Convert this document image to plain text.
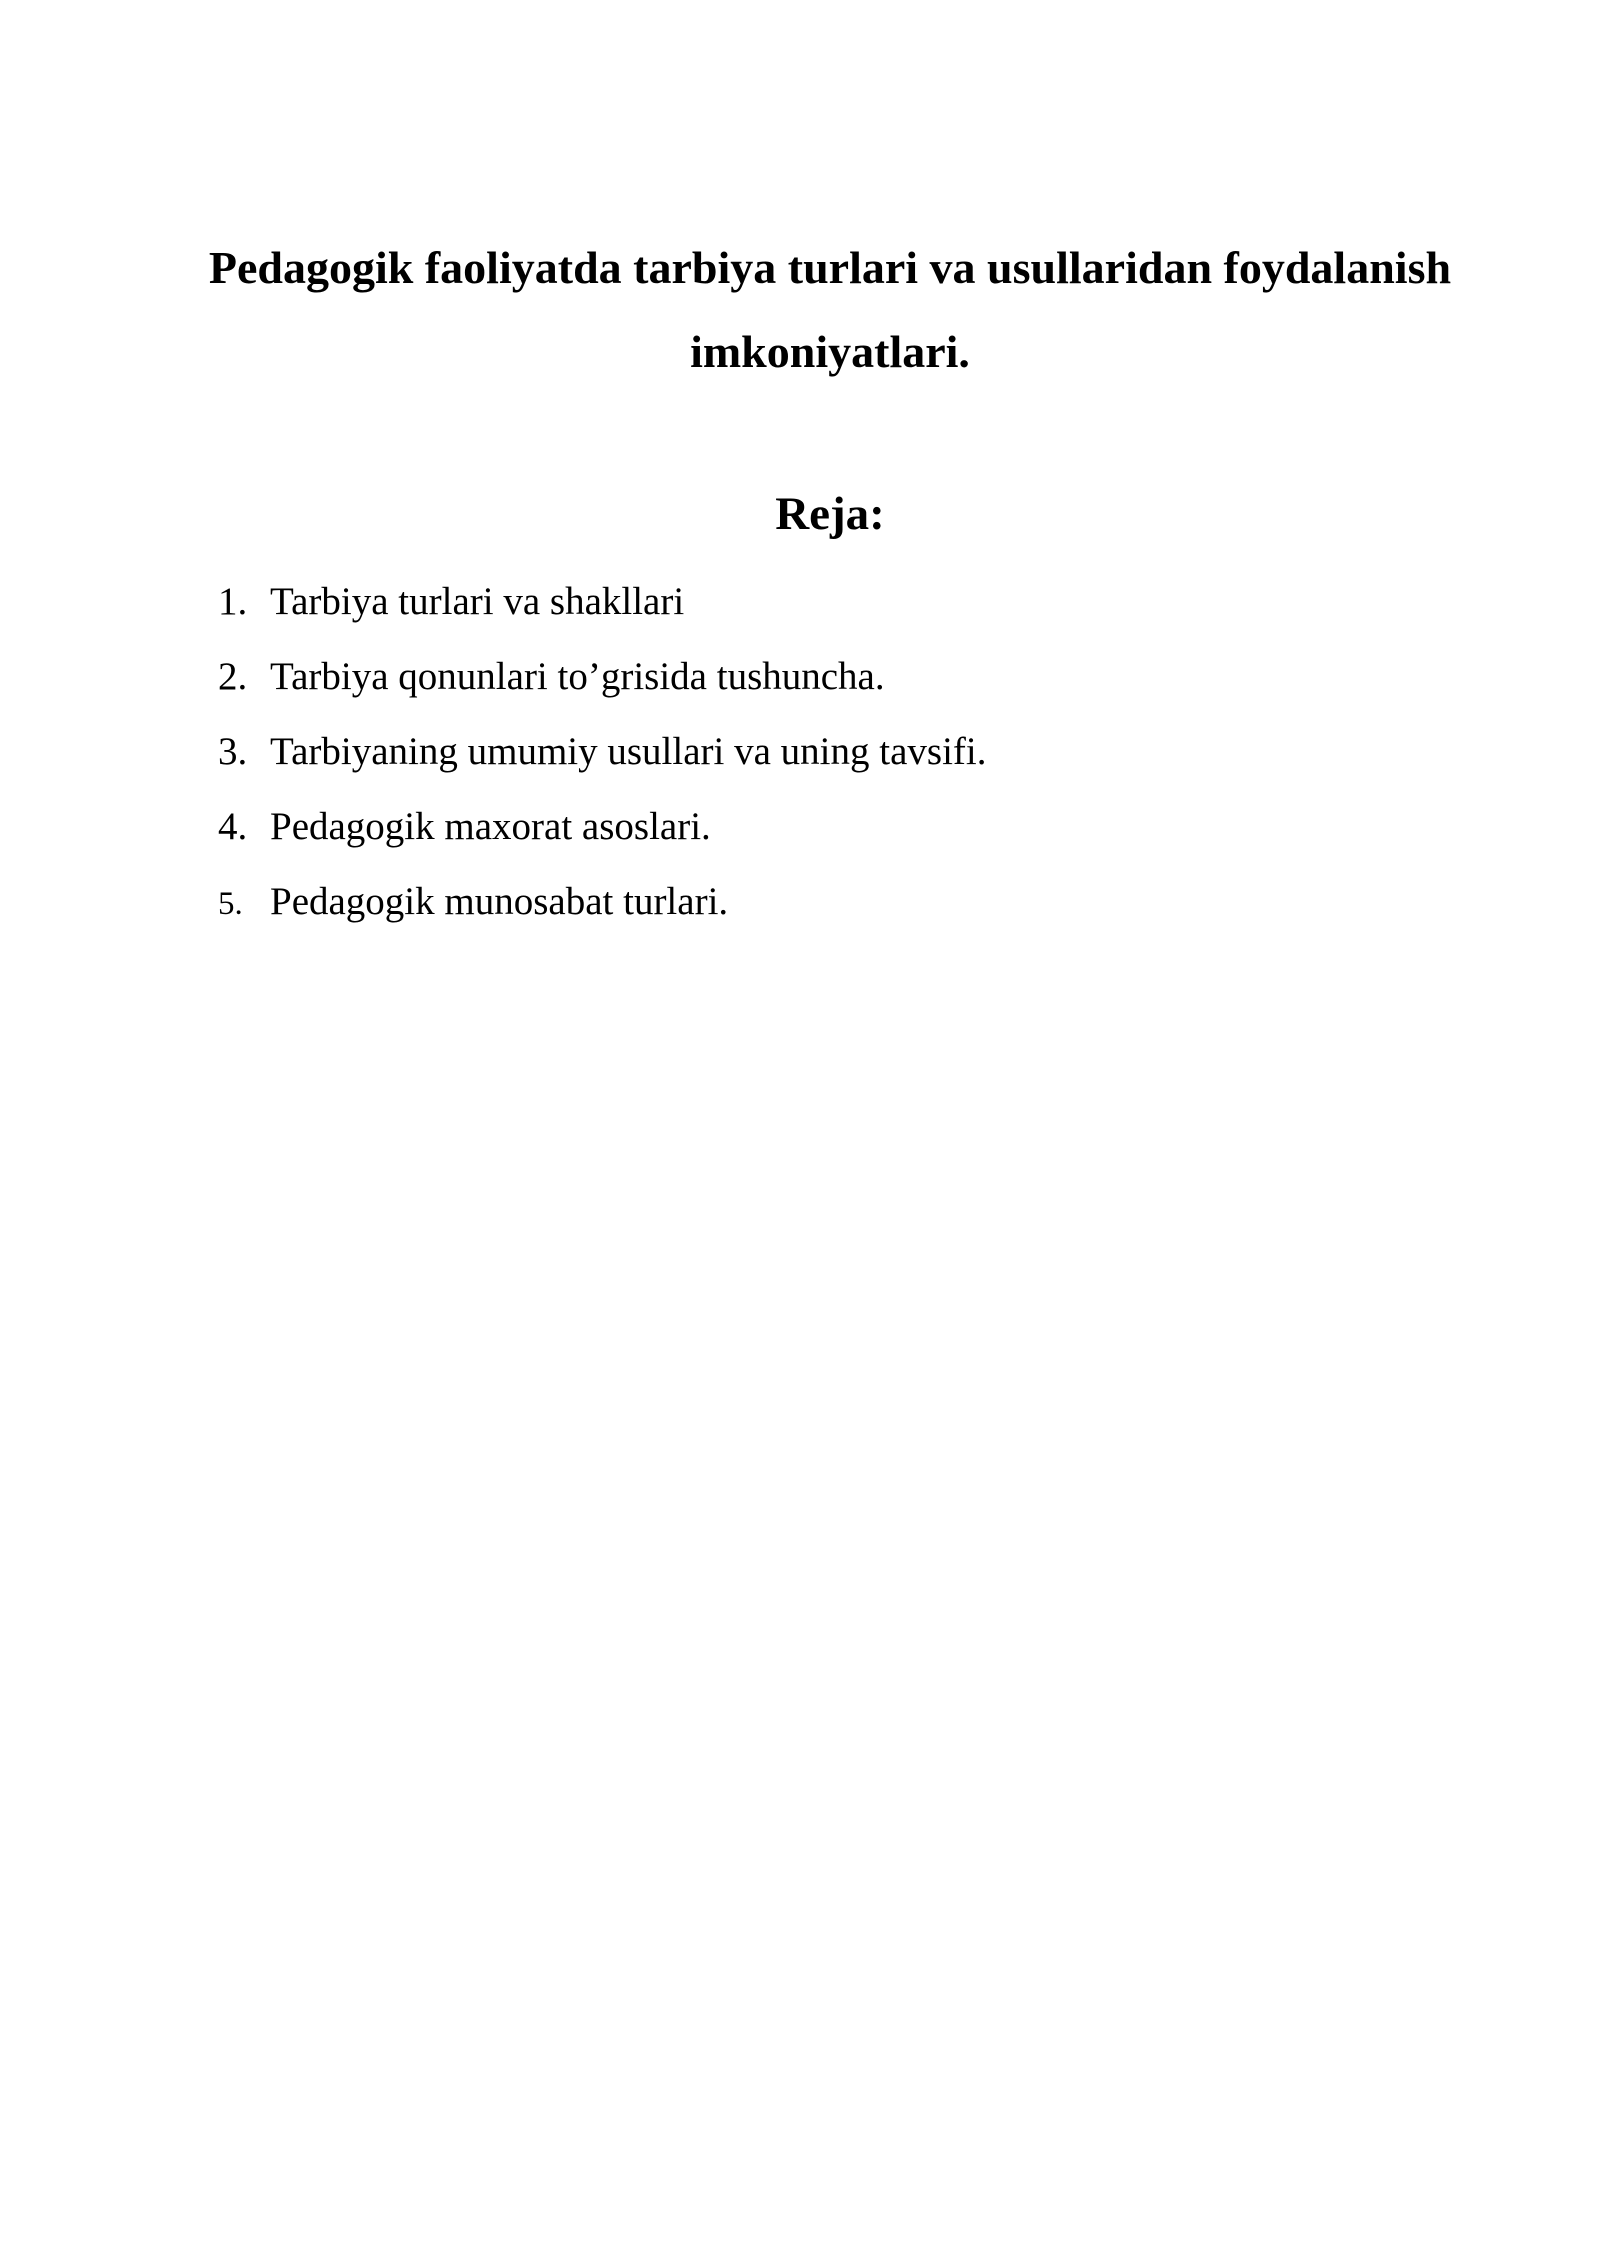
Pedagogik faoliyatda tarbiya turlari va usullaridan foydalanish imkoniyatlari.
Reja:
1. Tarbiya turlari va shakllari
2. Tarbiya qonunlari to’grisida tushuncha.
3. Tarbiyaning umumiy usullari va uning tavsifi.
4. Pedagogik maxorat asoslari.
5. Pedagogik munosabat turlari.
